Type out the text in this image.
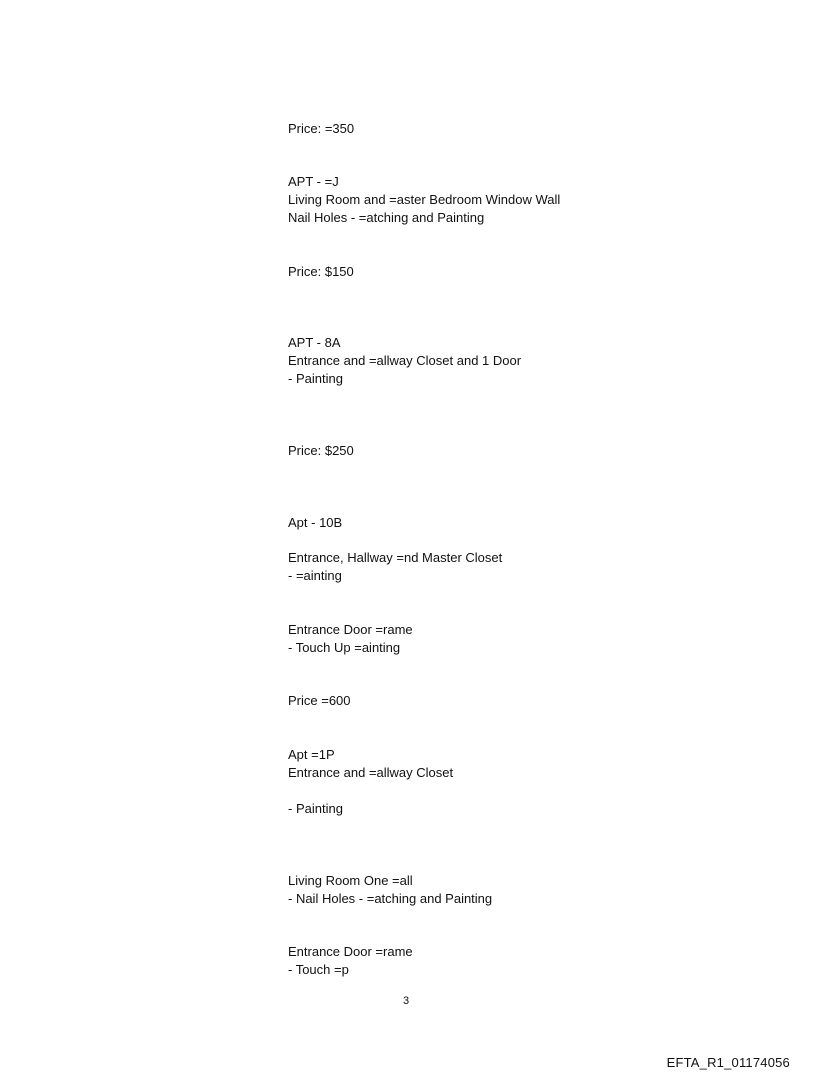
Price: =350
APT - =J
Living Room and =aster Bedroom Window Wall
Nail Holes - =atching and Painting
Price: $150
APT - 8A
Entrance and =allway Closet and 1 Door
- Painting
Price: $250
Apt - 10B
Entrance, Hallway =nd Master Closet
- =ainting
Entrance Door =rame
- Touch Up =ainting
Price =600
Apt =1P
Entrance and =allway Closet
- Painting
Living Room One =all
- Nail Holes - =atching and Painting
Entrance Door =rame
- Touch =p
3
EFTA_R1_01174056
